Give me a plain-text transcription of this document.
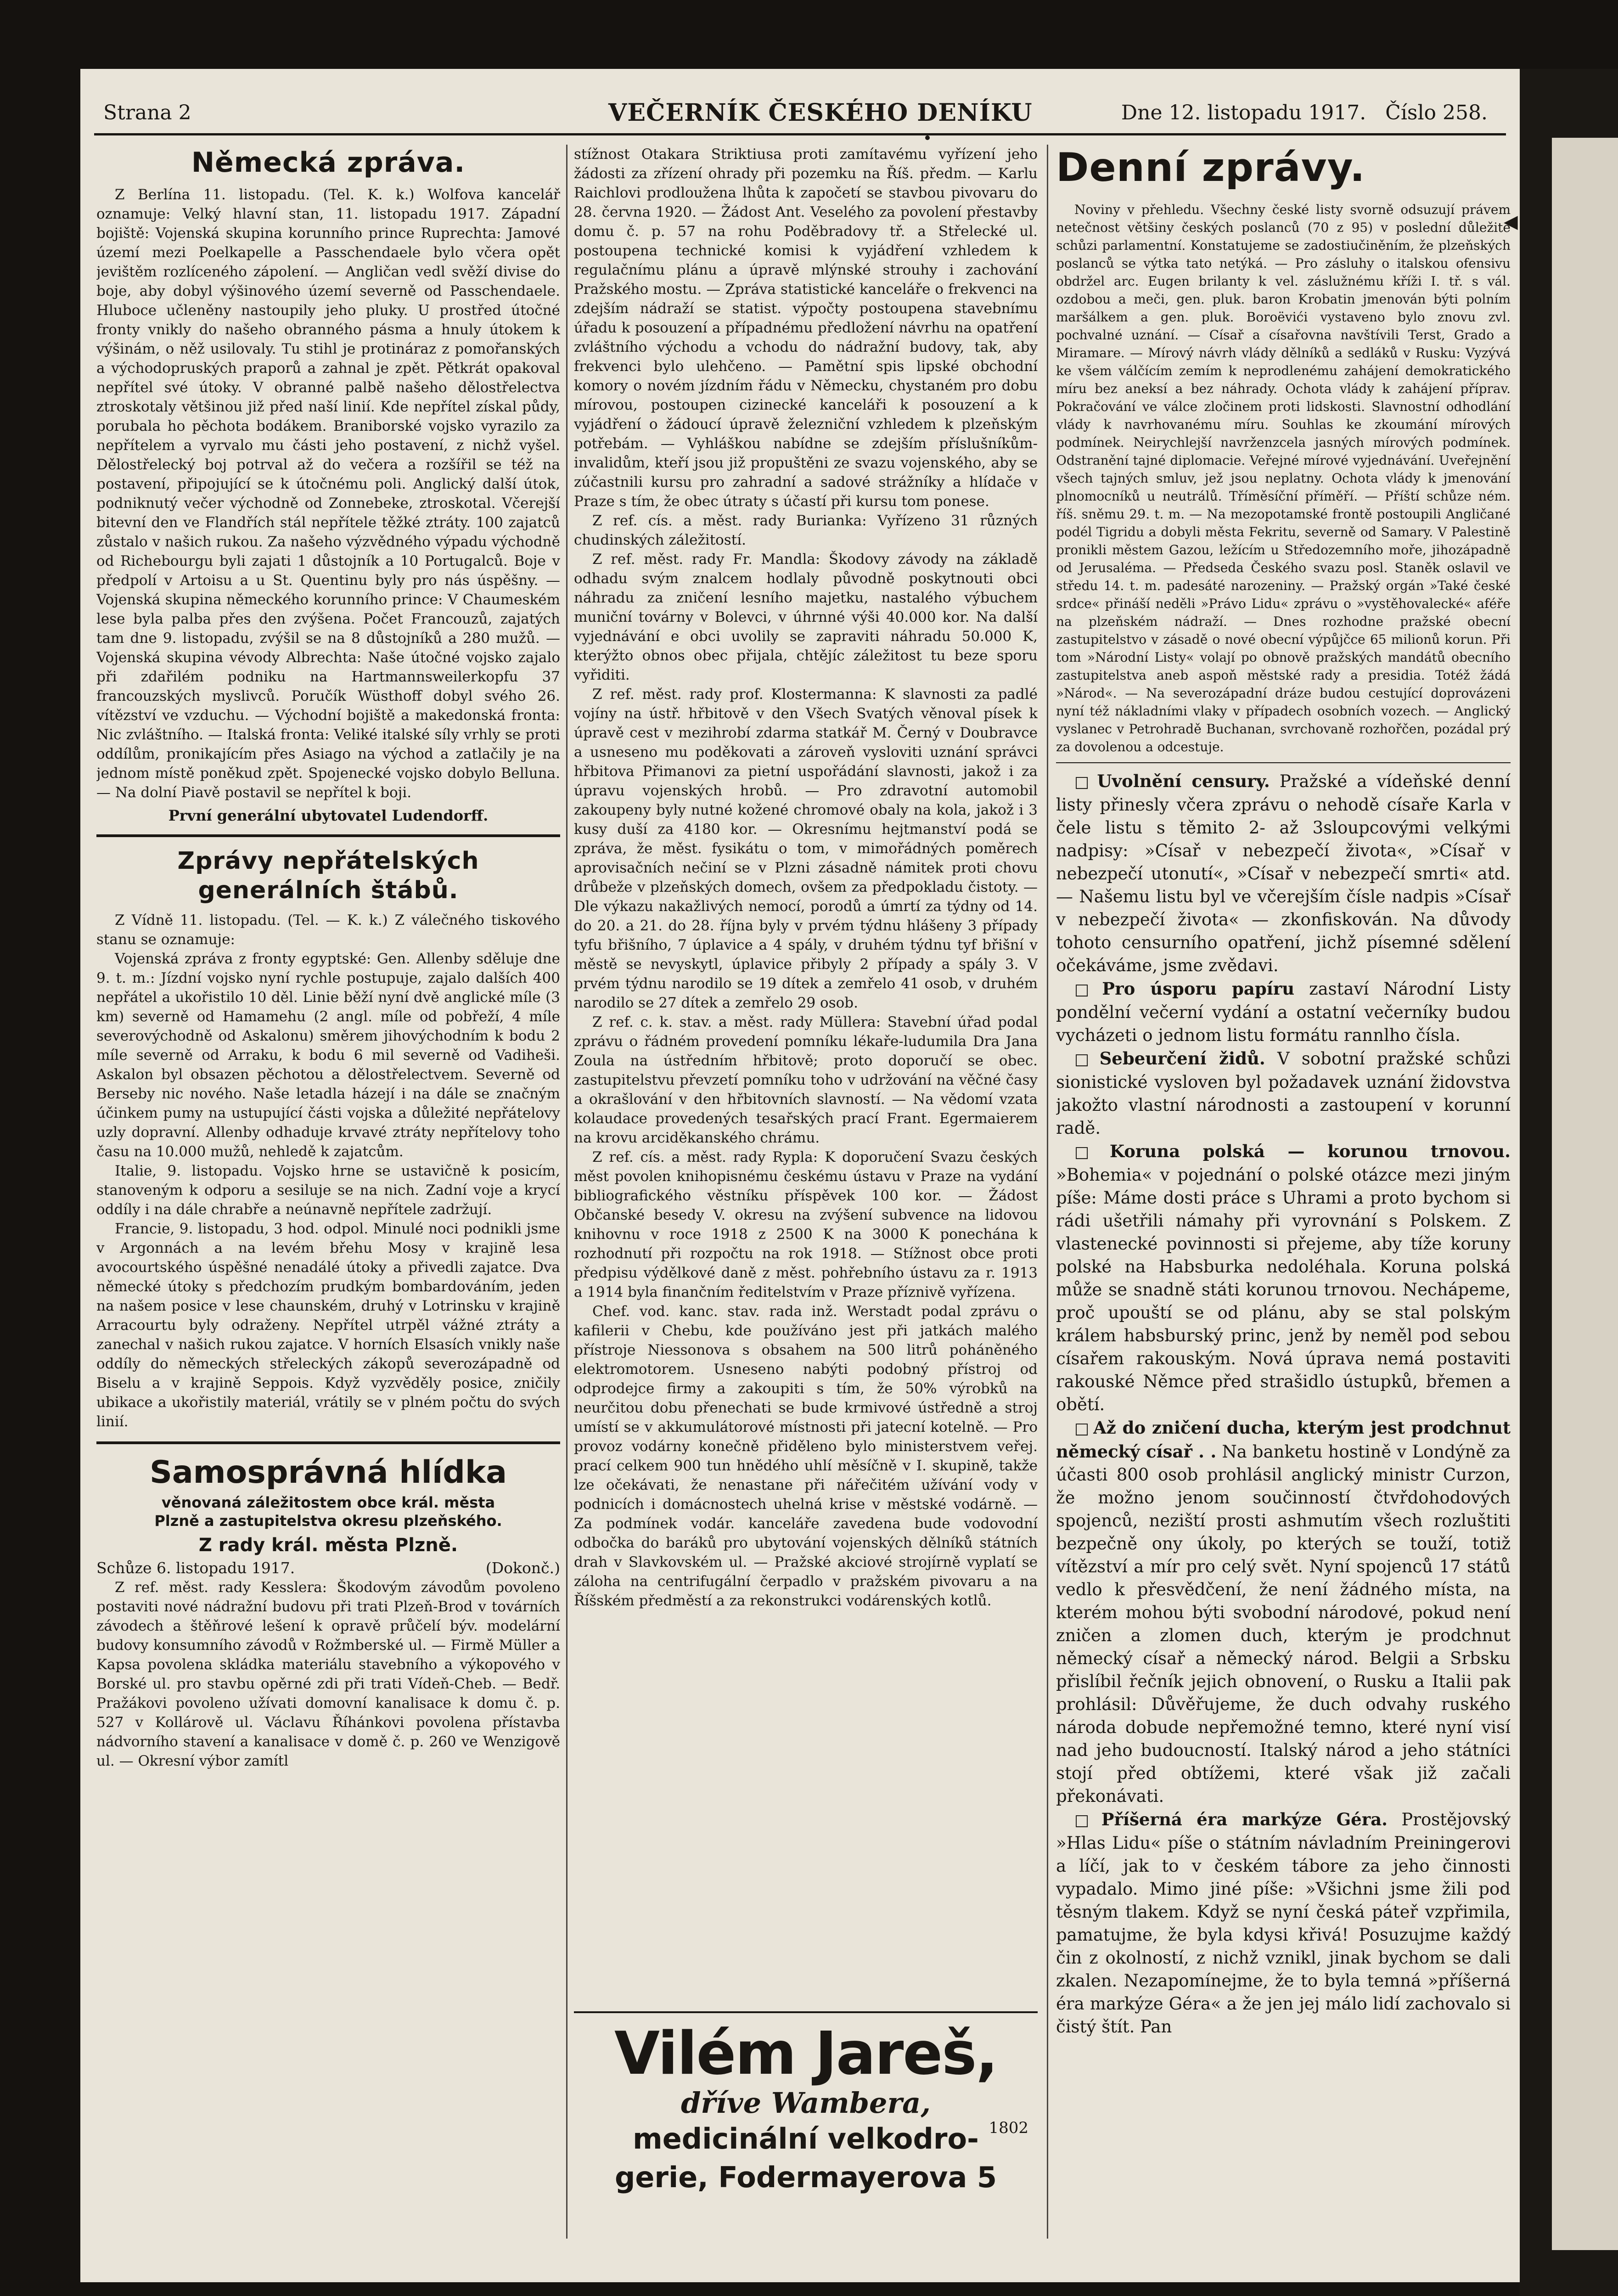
Strana 2	VEČERNÍK ČESKÉHO DENÍKU	Dne 12. listopadu 1917. Číslo 258.
Německá zpráva.

Z Berlína 11. listopadu. (Tel. K. k.) Wolfova kancelář oznamuje: Velký hlavní stan, 11. listopadu 1917. Západní bojiště: Vojenská skupina korunního prince Ruprechta: Jamové území mezi Poelkapelle a Passchendaele bylo včera opět jevištěm rozlíceného zápolení. — Angličan vedl svěží divise do boje, aby dobyl výšinového území severně od Passchendaele. Hluboce učleněny nastoupily jeho pluky. U prostřed útočné fronty vnikly do našeho obranného pásma a hnuly útokem k výšinám, o něž usilovaly. Tu stihl je protináraz z pomořanských a východopruských praporů a zahnal je zpět. Pětkrát opakoval nepřítel své útoky. V obranné palbě našeho dělostřelectva ztroskotaly většinou již před naší linií. Kde nepřítel získal půdy, porubala ho pěchota bodákem. Braniborské vojsko vyrazilo za nepřítelem a vyrvalo mu části jeho postavení, z nichž vyšel. Dělostřelecký boj potrval až do večera a rozšířil se též na postavení, připojující se k útočnému poli. Anglický další útok, podniknutý večer východně od Zonnebeke, ztroskotal. Včerejší bitevní den ve Flandřích stál nepřítele těžké ztráty. 100 zajatců zůstalo v našich rukou. Za našeho výzvědného výpadu východně od Richebourgu byli zajati 1 důstojník a 10 Portugalců. Boje v předpolí v Artoisu a u St. Quentinu byly pro nás úspěšny. — Vojenská skupina německého korunního prince: V Chaumeském lese byla palba přes den zvýšena. Počet Francouzů, zajatých tam dne 9. listopadu, zvýšil se na 8 důstojníků a 280 mužů. — Vojenská skupina vévody Albrechta: Naše útočné vojsko zajalo při zdařilém podniku na Hartmannsweilerkopfu 37 francouzských myslivců. Poručík Wüsthoff dobyl svého 26. vítězství ve vzduchu. — Východní bojiště a makedonská fronta: Nic zvláštního. — Italská fronta: Veliké italské síly vrhly se proti oddílům, pronikajícím přes Asiago na východ a zatlačily je na jednom místě poněkud zpět. Spojenecké vojsko dobylo Belluna. — Na dolní Piavě postavil se nepřítel k boji.

První generální ubytovatel Ludendorff.
Zprávy nepřátelských
generálních štábů.

Z Vídně 11. listopadu. (Tel. — K. k.) Z válečného tiskového stanu se oznamuje:

Vojenská zpráva z fronty egyptské: Gen. Allenby sděluje dne 9. t. m.: Jízdní vojsko nyní rychle postupuje, zajalo dalších 400 nepřátel a ukořistilo 10 děl. Linie běží nyní dvě anglické míle (3 km) severně od Hamamehu (2 angl. míle od pobřeží, 4 míle severovýchodně od Askalonu) směrem jihovýchodním k bodu 2 míle severně od Arraku, k bodu 6 mil severně od Vadiheši. Askalon byl obsazen pěchotou a dělostřelectvem. Severně od Berseby nic nového. Naše letadla házejí i na dále se značným účinkem pumy na ustupující části vojska a důležité nepřátelovy uzly dopravní. Allenby odhaduje krvavé ztráty nepřítelovy toho času na 10.000 mužů, nehledě k zajatcům.

Italie, 9. listopadu. Vojsko hrne se ustavičně k posicím, stanoveným k odporu a sesiluje se na nich. Zadní voje a krycí oddíly i na dále chrabře a neúnavně nepřítele zadržují.

Francie, 9. listopadu, 3 hod. odpol. Minulé noci podnikli jsme v Argonnách a na levém břehu Mosy v krajině lesa avocourtského úspěšné nenadálé útoky a přivedli zajatce. Dva německé útoky s předchozím prudkým bombardováním, jeden na našem posice v lese chaunském, druhý v Lotrinsku v krajině Arracourtu byly odraženy. Nepřítel utrpěl vážné ztráty a zanechal v našich rukou zajatce. V horních Elsasích vnikly naše oddíly do německých střeleckých zákopů severozápadně od Biselu a v krajině Seppois. Když vyzvěděly posice, zničily ubikace a ukořistily materiál, vrátily se v plném počtu do svých linií.

Samosprávná hlídka
věnovaná záležitostem obce král. města
Plzně a zastupitelstva okresu plzeňského.
Z rady král. města Plzně.
Schůze 6. listopadu 1917.	(Dokonč.)

Z ref. měst. rady Kesslera: Škodovým závodům povoleno postaviti nové nádražní budovu při trati Plzeň-Brod v továrních závodech a štěňrové lešení k opravě průčelí býv. modelární budovy konsumního závodů v Rožmberské ul. — Firmě Müller a Kapsa povolena skládka materiálu stavebního a výkopového v Borské ul. pro stavbu opěrné zdi při trati Vídeň-Cheb. — Bedř. Pražákovi povoleno užívati domovní kanalisace k domu č. p. 527 v Kollárově ul. Václavu Říhánkovi povolena přístavba nádvorního stavení a kanalisace v domě č. p. 260 ve Wenzigově ul. — Okresní výbor zamítl

stížnost Otakara Striktiusa proti zamítavému vyřízení jeho žádosti za zřízení ohrady při pozemku na Říš. předm. — Karlu Raichlovi prodloužena lhůta k započetí se stavbou pivovaru do 28. června 1920. — Žádost Ant. Veselého za povolení přestavby domu č. p. 57 na rohu Poděbradovy tř. a Střelecké ul. postoupena technické komisi k vyjádření vzhledem k regulačnímu plánu a úpravě mlýnské strouhy i zachování Pražského mostu. — Zpráva statistické kanceláře o frekvenci na zdejším nádraží se statist. výpočty postoupena stavebnímu úřadu k posouzení a případnému předložení návrhu na opatření zvláštního východu a vchodu do nádražní budovy, tak, aby frekvenci bylo ulehčeno. — Pamětní spis lipské obchodní komory o novém jízdním řádu v Německu, chystaném pro dobu mírovou, postoupen cizinecké kanceláři k posouzení a k vyjádření o žádoucí úpravě železniční vzhledem k plzeňským potřebám. — Vyhláškou nabídne se zdejším příslušníkům-invalidům, kteří jsou již propuštěni ze svazu vojenského, aby se zúčastnili kursu pro zahradní a sadové strážníky a hlídače v Praze s tím, že obec útraty s účastí při kursu tom ponese.

Z ref. cís. a měst. rady Burianka: Vyřízeno 31 různých chudinských záležitostí.

Z ref. měst. rady Fr. Mandla: Škodovy závody na základě odhadu svým znalcem hodlaly původně poskytnouti obci náhradu za zničení lesního majetku, nastalého výbuchem muniční továrny v Bolevci, v úhrnné výši 40.000 kor. Na další vyjednávání e obci uvolily se zapraviti náhradu 50.000 K, kterýžto obnos obec přijala, chtějíc záležitost tu beze sporu vyřiditi.

Z ref. měst. rady prof. Klostermanna: K slavnosti za padlé vojíny na ústř. hřbitově v den Všech Svatých věnoval písek k úpravě cest v mezihrobí zdarma statkář M. Černý v Doubravce a usneseno mu poděkovati a zároveň vysloviti uznání správci hřbitova Přimanovi za pietní uspořádání slavnosti, jakož i za úpravu vojenských hrobů. — Pro zdravotní automobil zakoupeny byly nutné kožené chromové obaly na kola, jakož i 3 kusy duší za 4180 kor. — Okresnímu hejtmanství podá se zpráva, že měst. fysikátu o tom, v mimořádných poměrech aprovisačních nečiní se v Plzni zásadně námitek proti chovu drůbeže v plzeňských domech, ovšem za předpokladu čistoty. — Dle výkazu nakažlivých nemocí, porodů a úmrtí za týdny od 14. do 20. a 21. do 28. října byly v prvém týdnu hlášeny 3 případy tyfu břišního, 7 úplavice a 4 spály, v druhém týdnu tyf břišní v městě se nevyskytl, úplavice přibyly 2 případy a spály 3. V prvém týdnu narodilo se 19 dítek a zemřelo 41 osob, v druhém narodilo se 27 dítek a zemřelo 29 osob.

Z ref. c. k. stav. a měst. rady Müllera: Stavební úřad podal zprávu o řádném provedení pomníku lékaře-ludumila Dra Jana Zoula na ústředním hřbitově; proto doporučí se obec. zastupitelstvu převzetí pomníku toho v udržování na věčné časy a okrašlování v den hřbitovních slavností. — Na vědomí vzata kolaudace provedených tesařských prací Frant. Egermaierem na krovu arciděkanského chrámu.

Z ref. cís. a měst. rady Rypla: K doporučení Svazu českých měst povolen knihopisnému českému ústavu v Praze na vydání bibliografického věstníku příspěvek 100 kor. — Žádost Občanské besedy V. okresu na zvýšení subvence na lidovou knihovnu v roce 1918 z 2500 K na 3000 K ponechána k rozhodnutí při rozpočtu na rok 1918. — Stížnost obce proti předpisu výdělkové daně z měst. pohřebního ústavu za r. 1913 a 1914 byla finančním ředitelstvím v Praze příznivě vyřízena.

Chef. vod. kanc. stav. rada inž. Werstadt podal zprávu o kafilerii v Chebu, kde používáno jest při jatkách malého přístroje Niessonova s obsahem na 500 litrů poháněného elektromotorem. Usneseno nabýti podobný přístroj od odprodejce firmy a zakoupiti s tím, že 50% výrobků na neurčitou dobu přenechati se bude krmivové ústředně a stroj umístí se v akkumulátorové místnosti při jatecní kotelně. — Pro provoz vodárny konečně přiděleno bylo ministerstvem veřej. prací celkem 900 tun hnědého uhlí měsíčně v I. skupině, takže lze očekávati, že nenastane při nářečitém užívání vody v podnicích i domácnostech uhelná krise v městské vodárně. — Za podmínek vodár. kanceláře zavedena bude vodovodní odbočka do baráků pro ubytování vojenských dělníků státních drah v Slavkovském ul. — Pražské akciové strojírně vyplatí se záloha na centrifugální čerpadlo v pražském pivovaru a na Říšském předměstí a za rekonstrukci vodárenských kotlů.

Vilém Jareš,
dříve Wambera,
1802
medicinální velkodro-
gerie, Fodermayerova 5
Denní zprávy.

Noviny v přehledu. Všechny české listy svorně odsuzují právem netečnost většiny českých poslanců (70 z 95) v poslední důležité schůzi parlamentní. Konstatujeme se zadostiučiněním, že plzeňských poslanců se výtka tato netýká. — Pro zásluhy o italskou ofensivu obdržel arc. Eugen brilanty k vel. záslužnému kříži I. tř. s vál. ozdobou a meči, gen. pluk. baron Krobatin jmenován býti polním maršálkem a gen. pluk. Boroëvići vystaveno bylo znovu zvl. pochvalné uznání. — Císař a císařovna navštívili Terst, Grado a Miramare. — Mírový návrh vlády dělníků a sedláků v Rusku: Vyzývá ke všem válčícím zemím k neprodlenému zahájení demokratického míru bez aneksí a bez náhrady. Ochota vlády k zahájení příprav. Pokračování ve válce zločinem proti lidskosti. Slavnostní odhodlání vlády k navrhovanému míru. Souhlas ke zkoumání mírových podmínek. Neirychlejší navrženzcela jasných mírových podmínek. Odstranění tajné diplomacie. Veřejné mírové vyjednávání. Uveřejnění všech tajných smluv, jež jsou neplatny. Ochota vlády k jmenování plnomocníků u neutrálů. Tříměsíční příměří. — Příští schůze ném. říš. sněmu 29. t. m. — Na mezopotamské frontě postoupili Angličané podél Tigridu a dobyli města Fekritu, severně od Samary. V Palestině pronikli městem Gazou, ležícím u Středozemního moře, jihozápadně od Jerusaléma. — Předseda Českého svazu posl. Staněk oslavil ve středu 14. t. m. padesáté narozeniny. — Pražský orgán »Také české srdce« přináší neděli »Právo Lidu« zprávu o »vystěhovalecké« aféře na plzeňském nádraží. — Dnes rozhodne pražské obecní zastupitelstvo v zásadě o nové obecní výpůjčce 65 milionů korun. Při tom »Národní Listy« volají po obnově pražských mandátů obecního zastupitelstva aneb aspoň městské rady a presidia. Totéž žádá »Národ«. — Na severozápadní dráze budou cestující doprovázeni nyní též nákladními vlaky v případech osobních vozech. — Anglický vyslanec v Petrohradě Buchanan, svrchovaně rozhořčen, pozádal prý za dovolenou a odcestuje.

□ Uvolnění censury. Pražské a vídeňské denní listy přinesly včera zprávu o nehodě císaře Karla v čele listu s těmito 2- až 3sloupcovými velkými nadpisy: »Císař v nebezpečí života«, »Císař v nebezpečí utonutí«, »Císař v nebezpečí smrti« atd. — Našemu listu byl ve včerejším čísle nadpis »Císař v nebezpečí života« — zkonfiskován. Na důvody tohoto censurního opatření, jichž písemné sdělení očekáváme, jsme zvědavi.

□ Pro úsporu papíru zastaví Národní Listy pondělní večerní vydání a ostatní večerníky budou vycházeti o jednom listu formátu rannlho čísla.

□ Sebeurčení židů. V sobotní pražské schůzi sionistické vysloven byl požadavek uznání židovstva jakožto vlastní národnosti a zastoupení v korunní radě.

□ Koruna polská — korunou trnovou. »Bohemia« v pojednání o polské otázce mezi jiným píše: Máme dosti práce s Uhrami a proto bychom si rádi ušetřili námahy při vyrovnání s Polskem. Z vlastenecké povinnosti si přejeme, aby tíže koruny polské na Habsburka nedoléhala. Koruna polská může se snadně státi korunou trnovou. Nechápeme, proč upouští se od plánu, aby se stal polským králem habsburský princ, jenž by neměl pod sebou císařem rakouským. Nová úprava nemá postaviti rakouské Němce před strašidlo ústupků, břemen a obětí.

□ Až do zničení ducha, kterým jest prodchnut německý císař . . Na banketu hostině v Londýně za účasti 800 osob prohlásil anglický ministr Curzon, že možno jenom součinností čtvřdohodových spojenců, neziští prosti ashmutím všech rozluštiti bezpečně ony úkoly, po kterých se touží, totiž vítězství a mír pro celý svět. Nyní spojenců 17 států vedlo k přesvědčení, že není žádného místa, na kterém mohou býti svobodní národové, pokud není zničen a zlomen duch, kterým je prodchnut německý císař a německý národ. Belgii a Srbsku přislíbil řečník jejich obnovení, o Rusku a Italii pak prohlásil: Důvěřujeme, že duch odvahy ruského národa dobude nepřemožné temno, které nyní visí nad jeho budoucností. Italský národ a jeho státníci stojí před obtížemi, které však již začali překonávati.

□ Příšerná éra markýze Géra. Prostějovský »Hlas Lidu« píše o státním návladním Preiningerovi a líčí, jak to v českém tábore za jeho činnosti vypadalo. Mimo jiné píše: »Všichni jsme žili pod těsným tlakem. Když se nyní česká páteř vzpřimila, pamatujme, že byla kdysi křivá! Posuzujme každý čin z okolností, z nichž vznikl, jinak bychom se dali zkalen. Nezapomínejme, že to byla temná »příšerná éra markýze Géra« a že jen jej málo lidí zachovalo si čistý štít. Pan

◀
